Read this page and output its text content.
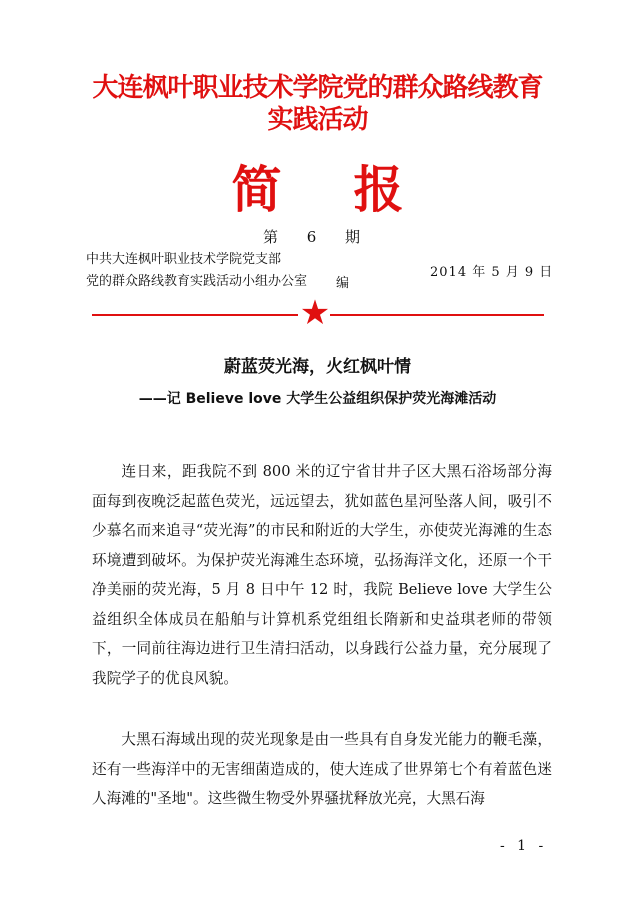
大连枫叶职业技术学院党的群众路线教育
实践活动
简 报
第 6 期
中共大连枫叶职业技术学院党支部
党的群众路线教育实践活动小组办公室 编
2014 年 5 月 9 日
★
蔚蓝荧光海，火红枫叶情
——记 Believe love 大学生公益组织保护荧光海滩活动
连日来，距我院不到 800 米的辽宁省甘井子区大黑石浴场部分海面每到夜晚泛起蓝色荧光，远远望去，犹如蓝色星河坠落人间，吸引不少慕名而来追寻“荧光海”的市民和附近的大学生，亦使荧光海滩的生态环境遭到破坏。为保护荧光海滩生态环境，弘扬海洋文化，还原一个干净美丽的荧光海，5 月 8 日中午 12 时，我院 Believe love 大学生公益组织全体成员在船舶与计算机系党组组长隋新和史益琪老师的带领下，一同前往海边进行卫生清扫活动，以身践行公益力量，充分展现了我院学子的优良风貌。
大黑石海域出现的荧光现象是由一些具有自身发光能力的鞭毛藻，还有一些海洋中的无害细菌造成的，使大连成了世界第七个有着蓝色迷人海滩的"圣地"。这些微生物受外界骚扰释放光亮，大黑石海
- 1 -
